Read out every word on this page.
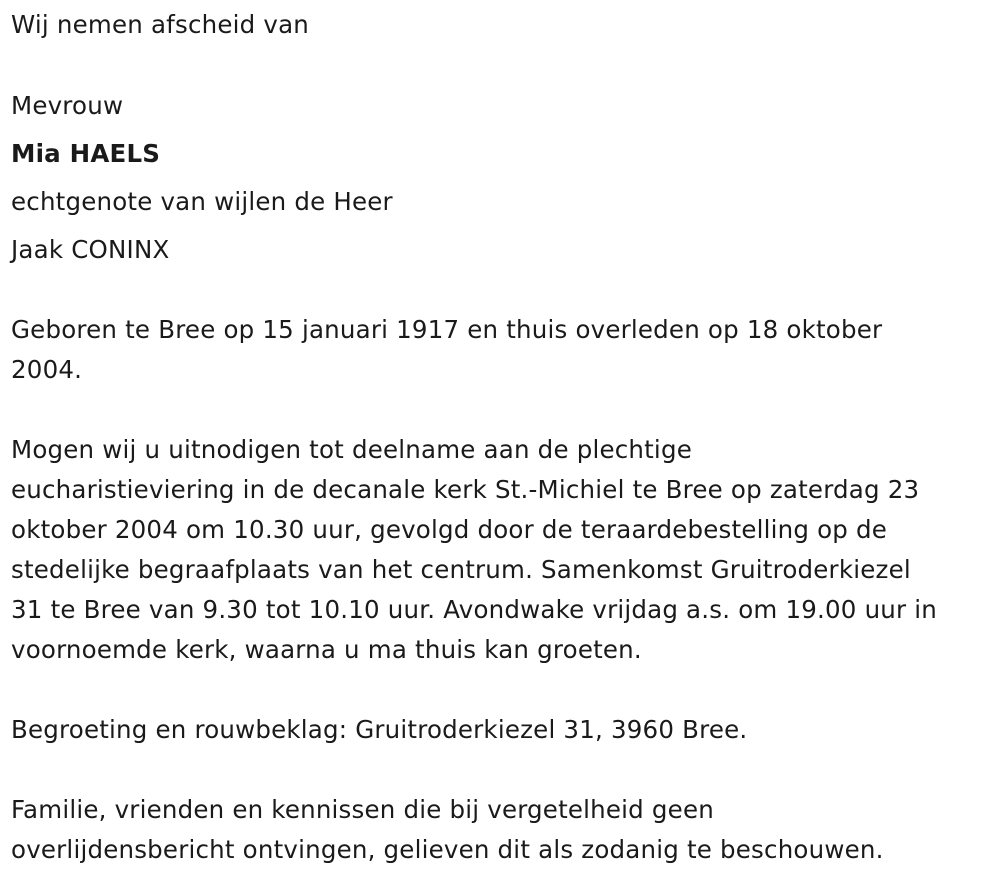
Wij nemen afscheid van
Mevrouw
Mia HAELS
echtgenote van wijlen de Heer
Jaak CONINX
Geboren te Bree op 15 januari 1917 en thuis overleden op 18 oktober
2004.
Mogen wij u uitnodigen tot deelname aan de plechtige
eucharistieviering in de decanale kerk St.-Michiel te Bree op zaterdag 23
oktober 2004 om 10.30 uur, gevolgd door de teraardebestelling op de
stedelijke begraafplaats van het centrum. Samenkomst Gruitroderkiezel
31 te Bree van 9.30 tot 10.10 uur. Avondwake vrijdag a.s. om 19.00 uur in
voornoemde kerk, waarna u ma thuis kan groeten.
Begroeting en rouwbeklag: Gruitroderkiezel 31, 3960 Bree.
Familie, vrienden en kennissen die bij vergetelheid geen
overlijdensbericht ontvingen, gelieven dit als zodanig te beschouwen.
